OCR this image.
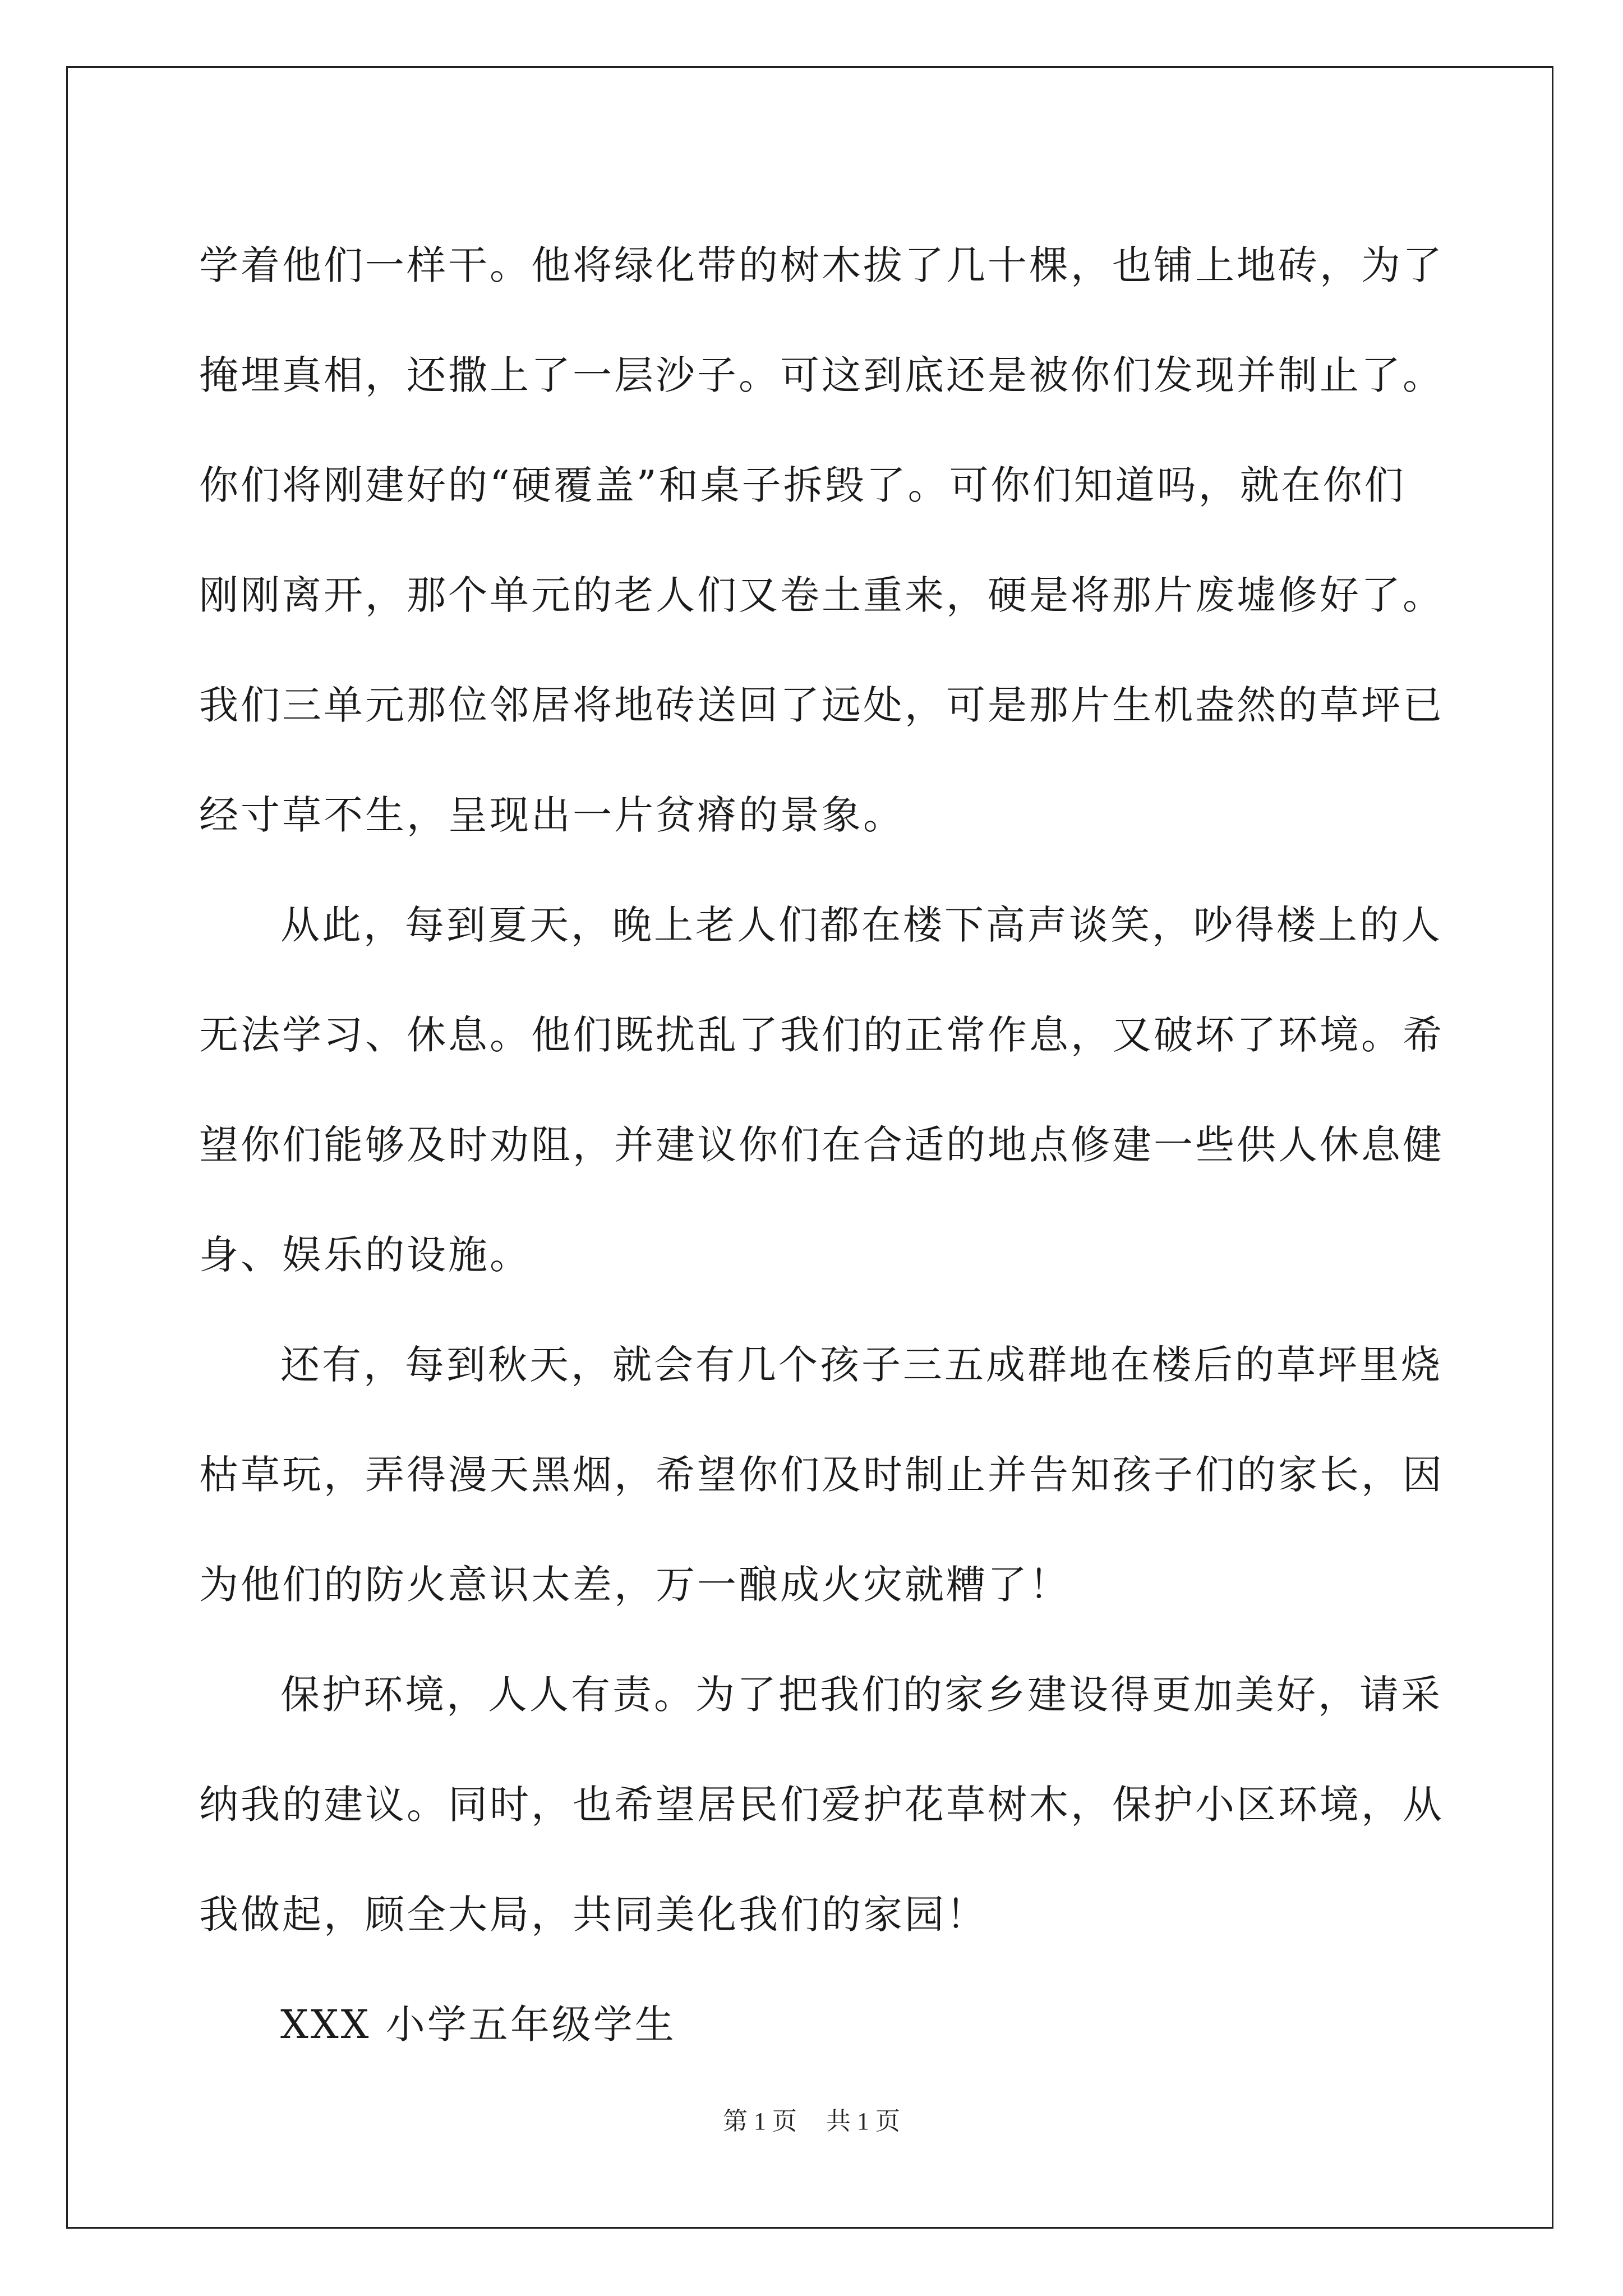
学着他们一样干。他将绿化带的树木拔了几十棵，也铺上地砖，为了
掩埋真相，还撒上了一层沙子。可这到底还是被你们发现并制止了。
你们将刚建好的“硬覆盖”和桌子拆毁了。可你们知道吗，就在你们
刚刚离开，那个单元的老人们又卷土重来，硬是将那片废墟修好了。
我们三单元那位邻居将地砖送回了远处，可是那片生机盎然的草坪已
经寸草不生，呈现出一片贫瘠的景象。
从此，每到夏天，晚上老人们都在楼下高声谈笑，吵得楼上的人
无法学习、休息。他们既扰乱了我们的正常作息，又破坏了环境。希
望你们能够及时劝阻，并建议你们在合适的地点修建一些供人休息健
身、娱乐的设施。
还有，每到秋天，就会有几个孩子三五成群地在楼后的草坪里烧
枯草玩，弄得漫天黑烟，希望你们及时制止并告知孩子们的家长，因
为他们的防火意识太差，万一酿成火灾就糟了！
保护环境，人人有责。为了把我们的家乡建设得更加美好，请采
纳我的建议。同时，也希望居民们爱护花草树木，保护小区环境，从
我做起，顾全大局，共同美化我们的家园！

XXX 小学五年级学生

第 1 页 共 1 页
